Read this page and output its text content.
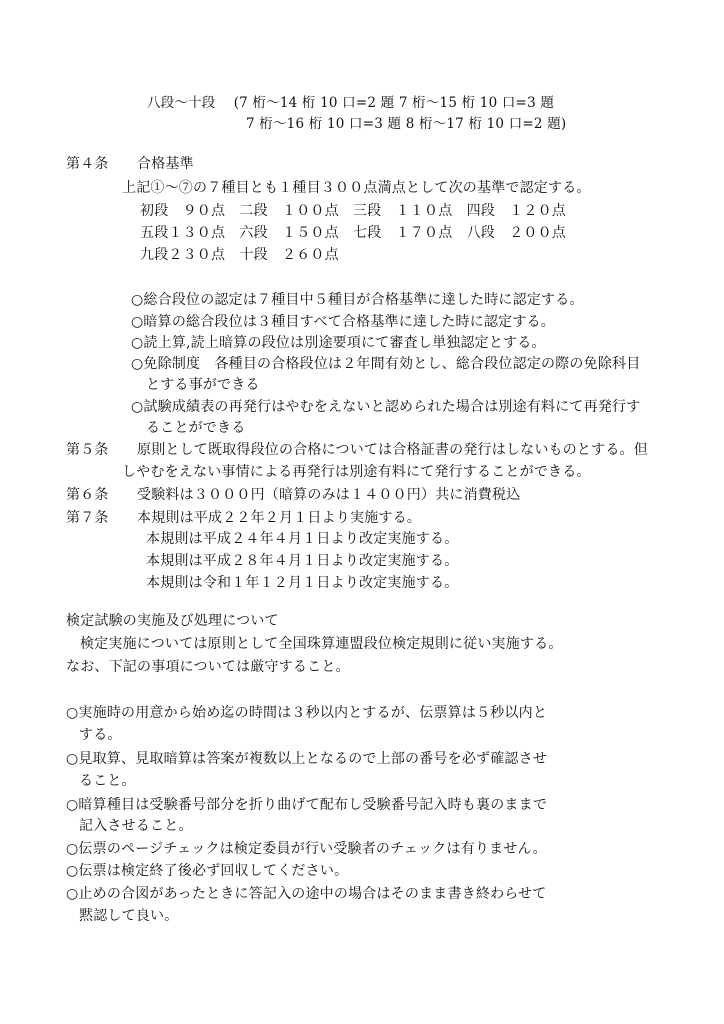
八段〜十段　 (7 桁〜14 桁 10 口=2 題 7 桁〜15 桁 10 口=3 題
7 桁〜16 桁 10 口=3 題 8 桁〜17 桁 10 口=2 題)
第４条　　合格基準
上記①〜⑦の７種目とも１種目３００点満点として次の基準で認定する。
初段　９０点　二段　１００点　三段　１１０点　四段　１２０点
五段１３０点　六段　１５０点　七段　１７０点　八段　２００点
九段２３０点　十段　２６０点
○総合段位の認定は７種目中５種目が合格基準に達した時に認定する。
○暗算の総合段位は３種目すべて合格基準に達した時に認定する。
○読上算,読上暗算の段位は別途要項にて審査し単独認定とする。
○免除制度　各種目の合格段位は２年間有効とし、総合段位認定の際の免除科目
とする事ができる
○試験成績表の再発行はやむをえないと認められた場合は別途有料にて再発行す
ることができる
第５条　　原則として既取得段位の合格については合格証書の発行はしないものとする。但
しやむをえない事情による再発行は別途有料にて発行することができる。
第６条　　受験料は３０００円（暗算のみは１４００円）共に消費税込
第７条　　本規則は平成２２年２月１日より実施する。
本規則は平成２４年４月１日より改定実施する。
本規則は平成２８年４月１日より改定実施する。
本規則は令和１年１２月１日より改定実施する。
検定試験の実施及び処理について
検定実施については原則として全国珠算連盟段位検定規則に従い実施する。
なお、下記の事項については厳守すること。
○実施時の用意から始め迄の時間は３秒以内とするが、伝票算は５秒以内と
する。
○見取算、見取暗算は答案が複数以上となるので上部の番号を必ず確認させ
ること。
○暗算種目は受験番号部分を折り曲げて配布し受験番号記入時も裏のままで
記入させること。
○伝票のページチェックは検定委員が行い受験者のチェックは有りません。
○伝票は検定終了後必ず回収してください。
○止めの合図があったときに答記入の途中の場合はそのまま書き終わらせて
黙認して良い。
